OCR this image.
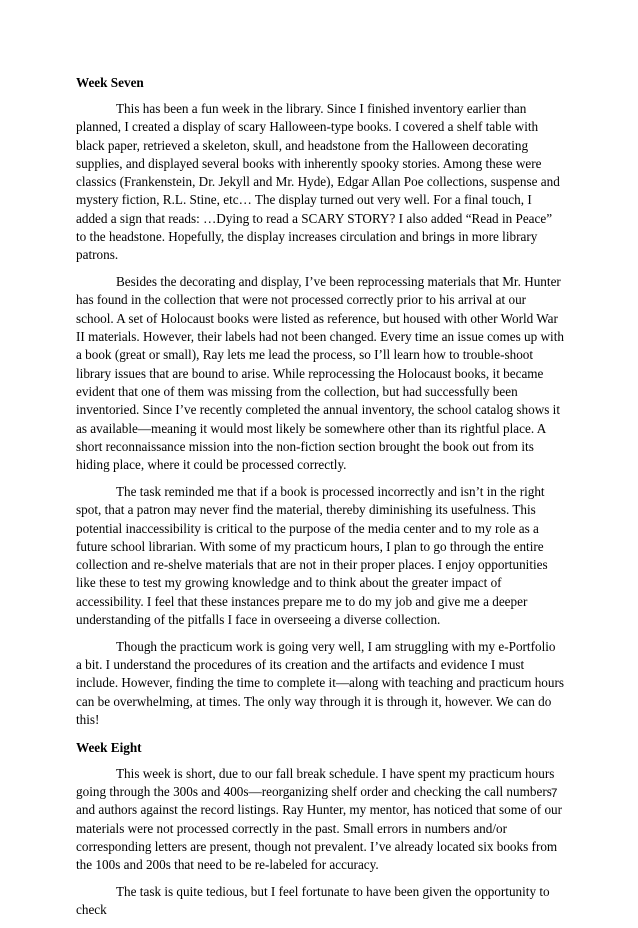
Week Seven

This has been a fun week in the library. Since I finished inventory earlier than planned, I created a display of scary Halloween-type books. I covered a shelf table with black paper, retrieved a skeleton, skull, and headstone from the Halloween decorating supplies, and displayed several books with inherently spooky stories. Among these were classics (Frankenstein, Dr. Jekyll and Mr. Hyde), Edgar Allan Poe collections, suspense and mystery fiction, R.L. Stine, etc… The display turned out very well. For a final touch, I added a sign that reads: …Dying to read a SCARY STORY? I also added “Read in Peace” to the headstone. Hopefully, the display increases circulation and brings in more library patrons.

Besides the decorating and display, I’ve been reprocessing materials that Mr. Hunter has found in the collection that were not processed correctly prior to his arrival at our school. A set of Holocaust books were listed as reference, but housed with other World War II materials. However, their labels had not been changed. Every time an issue comes up with a book (great or small), Ray lets me lead the process, so I’ll learn how to trouble-shoot library issues that are bound to arise. While reprocessing the Holocaust books, it became evident that one of them was missing from the collection, but had successfully been inventoried. Since I’ve recently completed the annual inventory, the school catalog shows it as available—meaning it would most likely be somewhere other than its rightful place. A short reconnaissance mission into the non-fiction section brought the book out from its hiding place, where it could be processed correctly.

The task reminded me that if a book is processed incorrectly and isn’t in the right spot, that a patron may never find the material, thereby diminishing its usefulness. This potential inaccessibility is critical to the purpose of the media center and to my role as a future school librarian. With some of my practicum hours, I plan to go through the entire collection and re-shelve materials that are not in their proper places. I enjoy opportunities like these to test my growing knowledge and to think about the greater impact of accessibility. I feel that these instances prepare me to do my job and give me a deeper understanding of the pitfalls I face in overseeing a diverse collection.

Though the practicum work is going very well, I am struggling with my e-Portfolio a bit. I understand the procedures of its creation and the artifacts and evidence I must include. However, finding the time to complete it—along with teaching and practicum hours can be overwhelming, at times. The only way through it is through it, however. We can do this!

Week Eight

This week is short, due to our fall break schedule. I have spent my practicum hours going through the 300s and 400s—reorganizing shelf order and checking the call numbers and authors against the record listings. Ray Hunter, my mentor, has noticed that some of our materials were not processed correctly in the past. Small errors in numbers and/or corresponding letters are present, though not prevalent. I’ve already located six books from the 100s and 200s that need to be re-labeled for accuracy.

The task is quite tedious, but I feel fortunate to have been given the opportunity to check

7
